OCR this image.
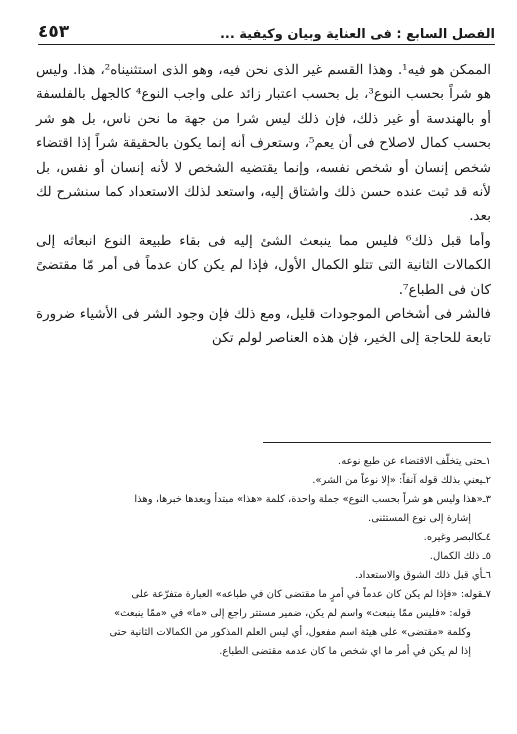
الفصل السابع : فى العناية وبيان وكيفية ...
٤٥٣

الممكن هو فيه¹. وهذا القسم غير الذى نحن فيه، وهو الذى استثنيناه²، هذا. وليس هو شراً بحسب النوع³، بل بحسب اعتبار زائد على واجب النوع⁴ كالجهل بالفلسفة أو بالهندسة أو غير ذلك، فإن ذلك ليس شرا من جهة ما نحن ناس، بل هو شر بحسب كمال لاصلاح فى أن يعم⁵، وستعرف أنه إنما يكون بالحقيقة شراً إذا اقتضاء شخص إنسان أو شخص نفسه، وإنما يقتضيه الشخص لا لأنه إنسان أو نفس، بل لأنه قد ثبت عنده حسن ذلك واشتاق إليه، واستعد لذلك الاستعداد كما سنشرح لك بعد.

وأما قبل ذلك⁶ فليس مما ينبعث الشئ إليه فى بقاء طبيعة النوع انبعاثه إلى الكمالات الثانية التى تتلو الكمال الأول، فإذا لم يكن كان عدماً فى أمر مّا مقتضىً كان فى الطباع⁷.

فالشر فى أشخاص الموجودات قليل، ومع ذلك فإن وجود الشر فى الأشياء ضرورة تابعة للحاجة إلى الخير، فإن هذه العناصر لولم تكن

١ـحتى يتخلّف الاقتضاء عن طبع نوعه.

٢ـيعني بذلك قوله آنفاً: «إلا نوعاً من الشر».

٣ـ«هذا وليس هو شراً بحسب النوع» جملة واحدة، كلمة «هذا» مبتدأ وبعدها خبرها، وهذا

إشارة إلى نوع المستثنى.

٤ـكالبصر وغيره.

٥ـ ذلك الكمال.

٦ـأي قبل ذلك الشوق والاستعداد.

٧ـقوله: «فإذا لم يكن كان عدماً في أمرٍ ما مقتضى كان في طباعه» العبارة متفرّعة على

قوله: «فليس ممّا ينبعث» واسم لم يكن، ضمير مستتر راجع إلى «ما» في «ممّا ينبعث»

وكلمة «مقتضى» على هيئة اسم مفعول، أي ليس العلم المذكور من الكمالات الثانية حتى

إذا لم يكن في أمر ما اي شخص ما كان عدمه مقتضى الطباع.
